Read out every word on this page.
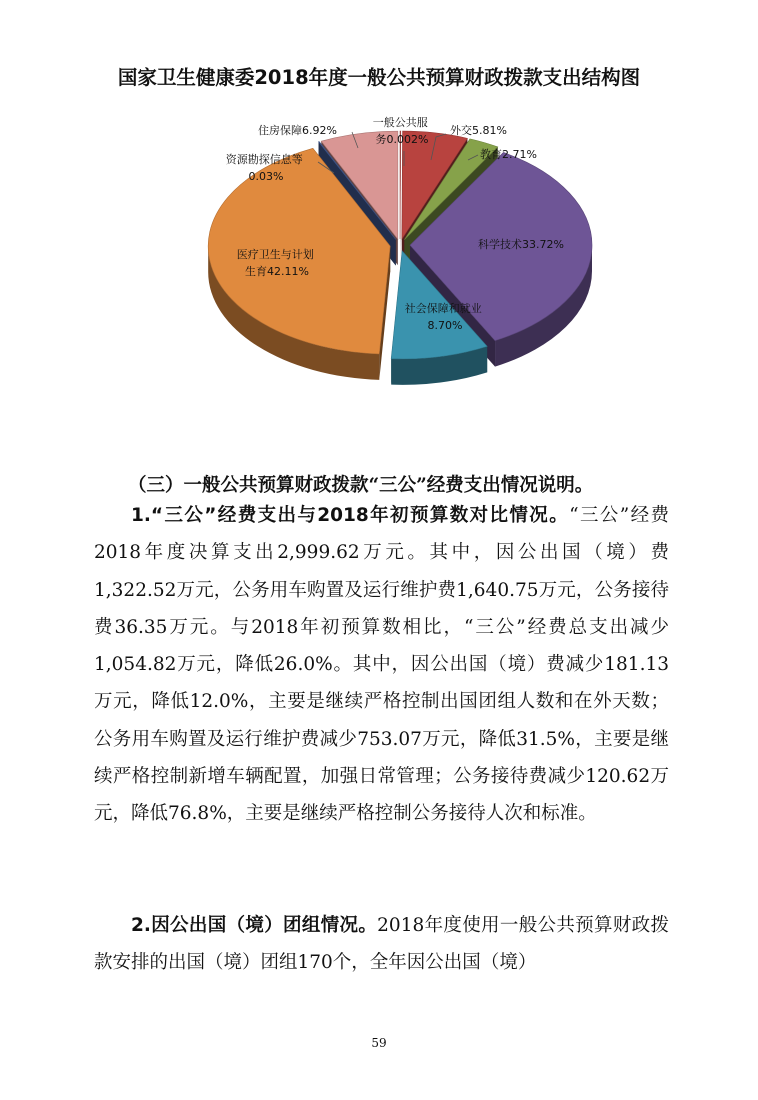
国家卫生健康委2018年度一般公共预算财政拨款支出结构图
一般公共服 务0.002%
外交5.81%
教育2.71%
科学技术33.72%
社会保障和就业 8.70%
医疗卫生与计划 生育42.11%
资源勘探信息等 0.03%
住房保障6.92%
（三）一般公共预算财政拨款“三公”经费支出情况说明。
1.“三公”经费支出与2018年初预算数对比情况。“三公”经费2018年度决算支出2,999.62万元。其中，因公出国（境）费1,322.52万元，公务用车购置及运行维护费1,640.75万元，公务接待费36.35万元。与2018年初预算数相比，“三公”经费总支出减少1,054.82万元，降低26.0%。其中，因公出国（境）费减少181.13万元，降低12.0%，主要是继续严格控制出国团组人数和在外天数；公务用车购置及运行维护费减少753.07万元，降低31.5%，主要是继续严格控制新增车辆配置，加强日常管理；公务接待费减少120.62万元，降低76.8%，主要是继续严格控制公务接待人次和标准。
2.因公出国（境）团组情况。2018年度使用一般公共预算财政拨款安排的出国（境）团组170个，全年因公出国（境）
59
